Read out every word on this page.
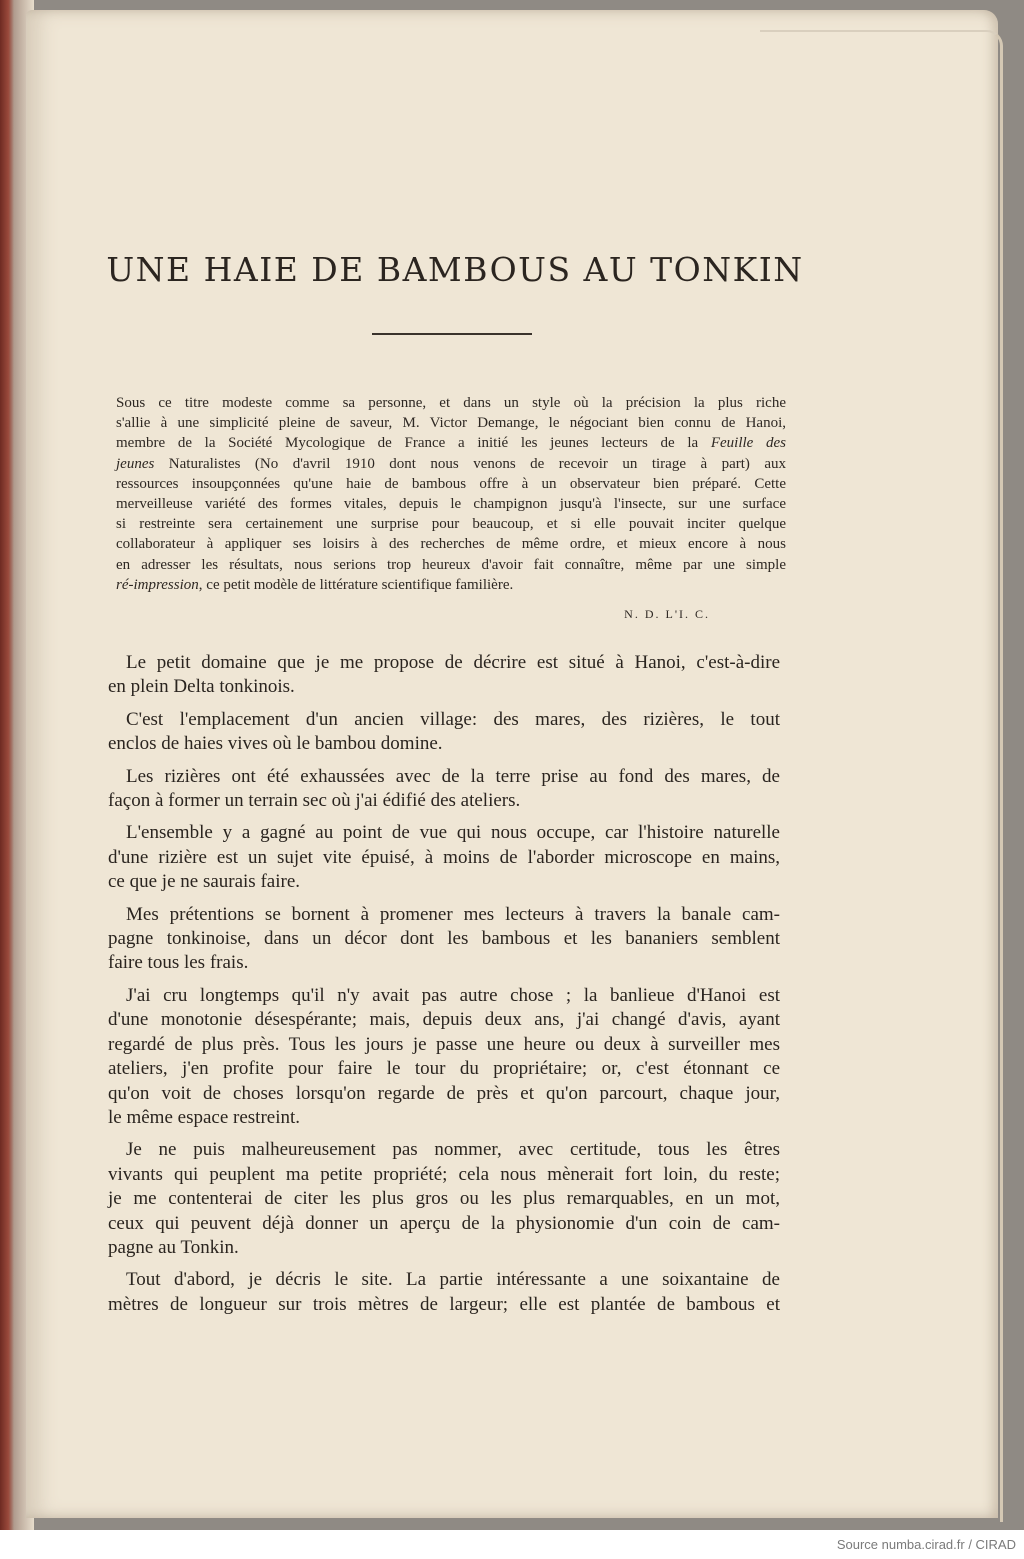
UNE HAIE DE BAMBOUS AU TONKIN
Sous ce titre modeste comme sa personne, et dans un style où la précision la plus riche
s'allie à une simplicité pleine de saveur, M. Victor Demange, le négociant bien connu de Hanoi,
membre de la Société Mycologique de France a initié les jeunes lecteurs de la Feuille des
jeunes Naturalistes (No d'avril 1910 dont nous venons de recevoir un tirage à part) aux
ressources insoupçonnées qu'une haie de bambous offre à un observateur bien préparé. Cette
merveilleuse variété des formes vitales, depuis le champignon jusqu'à l'insecte, sur une surface
si restreinte sera certainement une surprise pour beaucoup, et si elle pouvait inciter quelque
collaborateur à appliquer ses loisirs à des recherches de même ordre, et mieux encore à nous
en adresser les résultats, nous serions trop heureux d'avoir fait connaître, même par une simple
ré-impression, ce petit modèle de littérature scientifique familière.
N. D. L'I. C.

Le petit domaine que je me propose de décrire est situé à Hanoi, c'est-à-dire
en plein Delta tonkinois.

C'est l'emplacement d'un ancien village: des mares, des rizières, le tout
enclos de haies vives où le bambou domine.

Les rizières ont été exhaussées avec de la terre prise au fond des mares, de
façon à former un terrain sec où j'ai édifié des ateliers.

L'ensemble y a gagné au point de vue qui nous occupe, car l'histoire naturelle
d'une rizière est un sujet vite épuisé, à moins de l'aborder microscope en mains,
ce que je ne saurais faire.

Mes prétentions se bornent à promener mes lecteurs à travers la banale cam-
pagne tonkinoise, dans un décor dont les bambous et les bananiers semblent
faire tous les frais.

J'ai cru longtemps qu'il n'y avait pas autre chose ; la banlieue d'Hanoi est
d'une monotonie désespérante; mais, depuis deux ans, j'ai changé d'avis, ayant
regardé de plus près. Tous les jours je passe une heure ou deux à surveiller mes
ateliers, j'en profite pour faire le tour du propriétaire; or, c'est étonnant ce
qu'on voit de choses lorsqu'on regarde de près et qu'on parcourt, chaque jour,
le même espace restreint.

Je ne puis malheureusement pas nommer, avec certitude, tous les êtres
vivants qui peuplent ma petite propriété; cela nous mènerait fort loin, du reste;
je me contenterai de citer les plus gros ou les plus remarquables, en un mot,
ceux qui peuvent déjà donner un aperçu de la physionomie d'un coin de cam-
pagne au Tonkin.

Tout d'abord, je décris le site. La partie intéressante a une soixantaine de
mètres de longueur sur trois mètres de largeur; elle est plantée de bambous et

Source numba.cirad.fr / CIRAD
